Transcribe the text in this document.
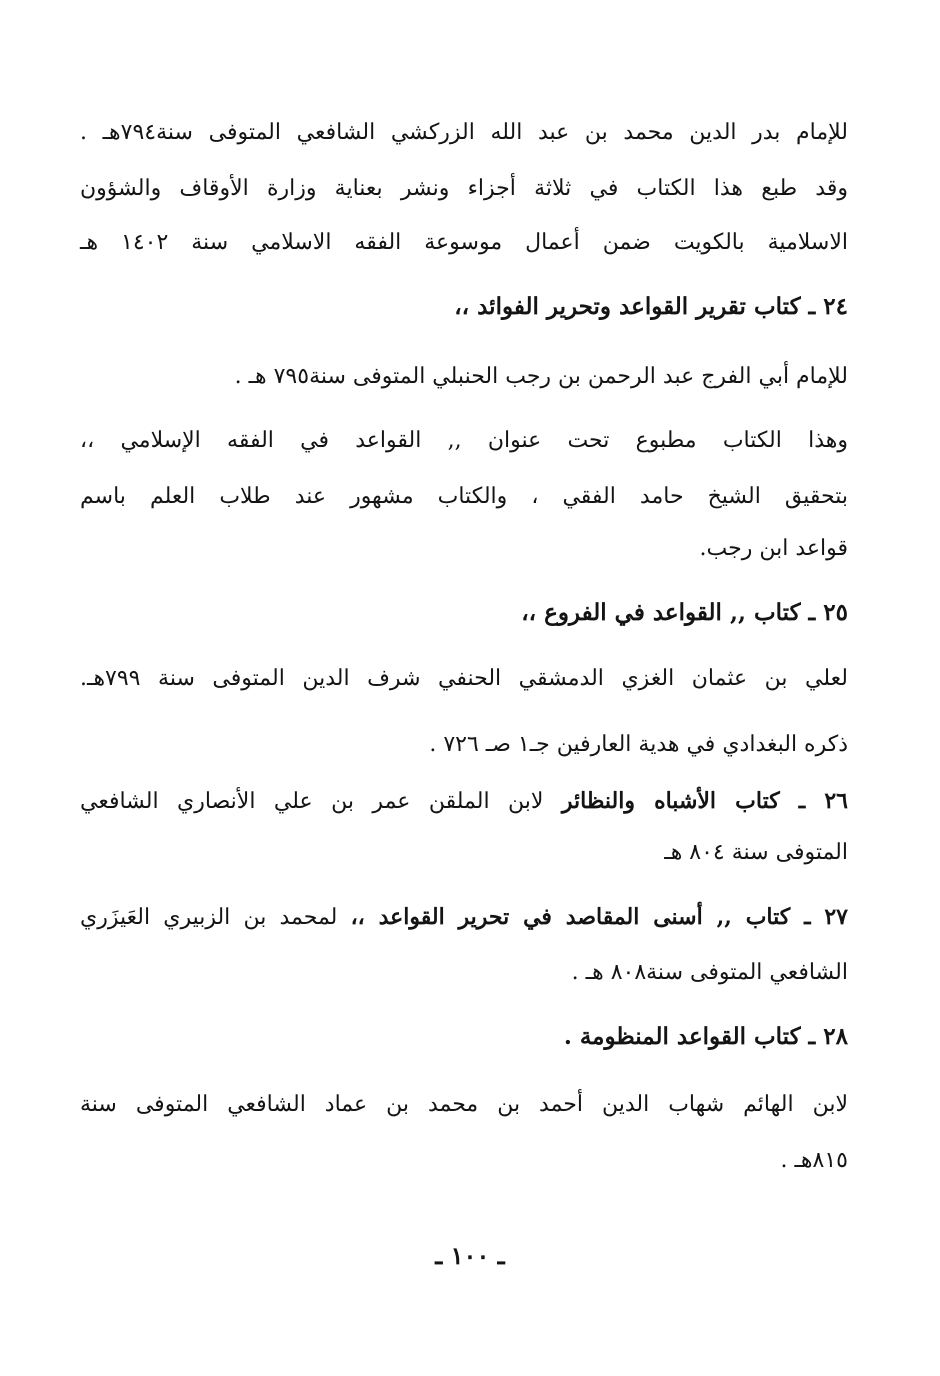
للإمام بدر الدين محمد بن عبد الله الزركشي الشافعي المتوفى سنة٧٩٤هـ .
وقد طبع هذا الكتاب في ثلاثة أجزاء ونشر بعناية وزارة الأوقاف والشؤون
الاسلامية بالكويت ضمن أعمال موسوعة الفقه الاسلامي سنة ١٤٠٢ هـ
٢٤ ـ كتاب تقرير القواعد وتحرير الفوائد ،،
للإمام أبي الفرج عبد الرحمن بن رجب الحنبلي المتوفى سنة٧٩٥ هـ .
وهذا الكتاب مطبوع تحت عنوان ,, القواعد في الفقه الإسلامي ،،
بتحقيق الشيخ حامد الفقي ، والكتاب مشهور عند طلاب العلم باسم
قواعد ابن رجب.
٢٥ ـ كتاب ,, القواعد في الفروع ،،
لعلي بن عثمان الغزي الدمشقي الحنفي شرف الدين المتوفى سنة ٧٩٩هـ.
ذكره البغدادي في هدية العارفين جـ١ صـ ٧٢٦ .
٢٦ ـ كتاب الأشباه والنظائر لابن الملقن عمر بن علي الأنصاري الشافعي
المتوفى سنة ٨٠٤ هـ
٢٧ ـ كتاب ,, أسنى المقاصد في تحرير القواعد ،، لمحمد بن الزبيري العَيزَري
الشافعي المتوفى سنة٨٠٨ هـ .
٢٨ ـ كتاب القواعد المنظومة .
لابن الهائم شهاب الدين أحمد بن محمد بن عماد الشافعي المتوفى سنة
٨١٥هـ .
ـ ١٠٠ ـ
